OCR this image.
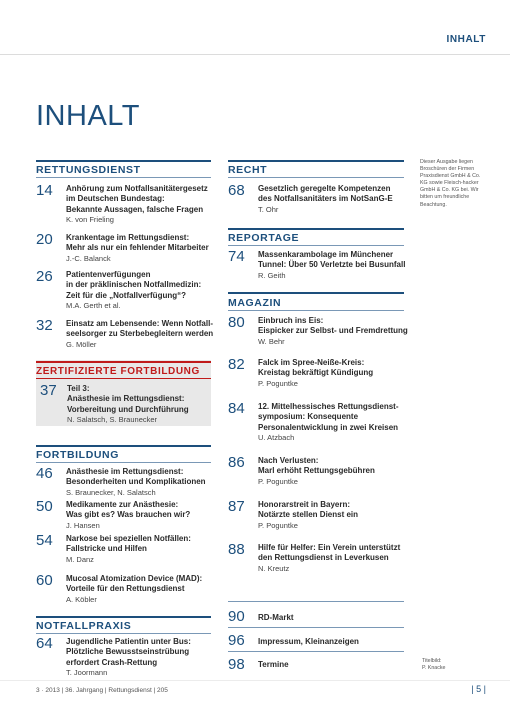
INHALT
INHALT
RETTUNGSDIENST
14 Anhörung zum Notfallsanitätergesetz
im Deutschen Bundestag:
Bekannte Aussagen, falsche Fragen
K. von Frieling
20 Krankentage im Rettungsdienst:
Mehr als nur ein fehlender Mitarbeiter
J.-C. Balanck
26 Patientenverfügungen
in der präklinischen Notfallmedizin:
Zeit für die „Notfallverfügung“?
M.A. Gerth et al.
32 Einsatz am Lebensende: Wenn Notfall-
seelsorger zu Sterbebegleitern werden
G. Möller
ZERTIFIZIERTE FORTBILDUNG
37 Teil 3:
Anästhesie im Rettungsdienst:
Vorbereitung und Durchführung
N. Salatsch, S. Braunecker
FORTBILDUNG
46 Anästhesie im Rettungsdienst:
Besonderheiten und Komplikationen
S. Braunecker, N. Salatsch
50 Medikamente zur Anästhesie:
Was gibt es? Was brauchen wir?
J. Hansen
54 Narkose bei speziellen Notfällen:
Fallstricke und Hilfen
M. Danz
60 Mucosal Atomization Device (MAD):
Vorteile für den Rettungsdienst
A. Köbler
NOTFALLPRAXIS
64 Jugendliche Patientin unter Bus:
Plötzliche Bewusstseinstrübung
erfordert Crash-Rettung
T. Joormann
RECHT
68 Gesetzlich geregelte Kompetenzen
des Notfallsanitäters im NotSanG-E
T. Ohr
REPORTAGE
74 Massenkarambolage im Münchener
Tunnel: Über 50 Verletzte bei Busunfall
R. Geith
MAGAZIN
80 Einbruch ins Eis:
Eispicker zur Selbst- und Fremdrettung
W. Behr
82 Falck im Spree-Neiße-Kreis:
Kreistag bekräftigt Kündigung
P. Poguntke
84 12. Mittelhessisches Rettungsdienst-
symposium: Konsequente
Personalentwicklung in zwei Kreisen
U. Atzbach
86 Nach Verlusten:
Marl erhöht Rettungsgebühren
P. Poguntke
87 Honorarstreit in Bayern:
Notärzte stellen Dienst ein
P. Poguntke
88 Hilfe für Helfer: Ein Verein unterstützt
den Rettungsdienst in Leverkusen
N. Kreutz
90 RD-Markt
96 Impressum, Kleinanzeigen
98 Termine
Dieser Ausgabe liegen Broschüren der Firmen Praxisdienst GmbH & Co. KG sowie Fleisch-hacker GmbH & Co. KG bei. Wir bitten um freundliche Beachtung.
Titelbild:
P. Knacke
3 · 2013 | 36. Jahrgang | Rettungsdienst | 205	| 5 |
